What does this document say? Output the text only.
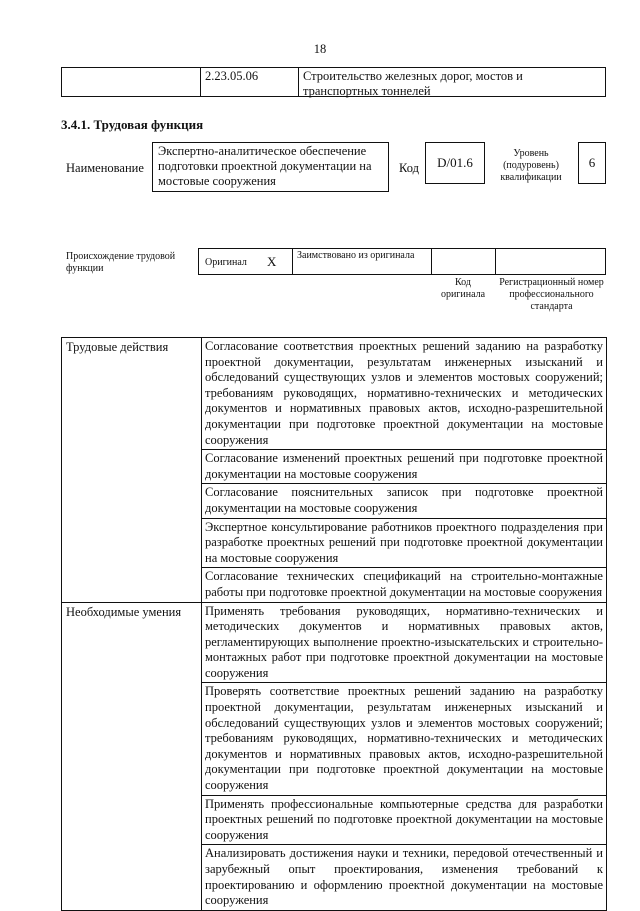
18
2.23.05.06	Строительство железных дорог, мостов и транспортных тоннелей
3.4.1. Трудовая функция
Наименование
Экспертно-аналитическое обеспечение подготовки проектной документации на мостовые сооружения
Код	D/01.6
Уровень (подуровень) квалификации
6
Происхождение трудовой функции
Оригинал X Заимствовано из оригинала
Код оригинала
Регистрационный номер профессионального стандарта
Трудовые действия	Согласование соответствия проектных решений заданию на разработку проектной документации, результатам инженерных изысканий и обследований существующих узлов и элементов мостовых сооружений; требованиям руководящих, нормативно-технических и методических документов и нормативных правовых актов, исходно-разрешительной документации при подготовке проектной документации на мостовые сооружения
	Согласование изменений проектных решений при подготовке проектной документации на мостовые сооружения
	Согласование пояснительных записок при подготовке проектной документации на мостовые сооружения
	Экспертное консультирование работников проектного подразделения при разработке проектных решений при подготовке проектной документации на мостовые сооружения
	Согласование технических спецификаций на строительно-монтажные работы при подготовке проектной документации на мостовые сооружения
Необходимые умения	Применять требования руководящих, нормативно-технических и методических документов и нормативных правовых актов, регламентирующих выполнение проектно-изыскательских и строительно-монтажных работ при подготовке проектной документации на мостовые сооружения
	Проверять соответствие проектных решений заданию на разработку проектной документации, результатам инженерных изысканий и обследований существующих узлов и элементов мостовых сооружений; требованиям руководящих, нормативно-технических и методических документов и нормативных правовых актов, исходно-разрешительной документации при подготовке проектной документации на мостовые сооружения
	Применять профессиональные компьютерные средства для разработки проектных решений по подготовке проектной документации на мостовые сооружения
	Анализировать достижения науки и техники, передовой отечественный и зарубежный опыт проектирования, изменения требований к проектированию и оформлению проектной документации на мостовые сооружения
